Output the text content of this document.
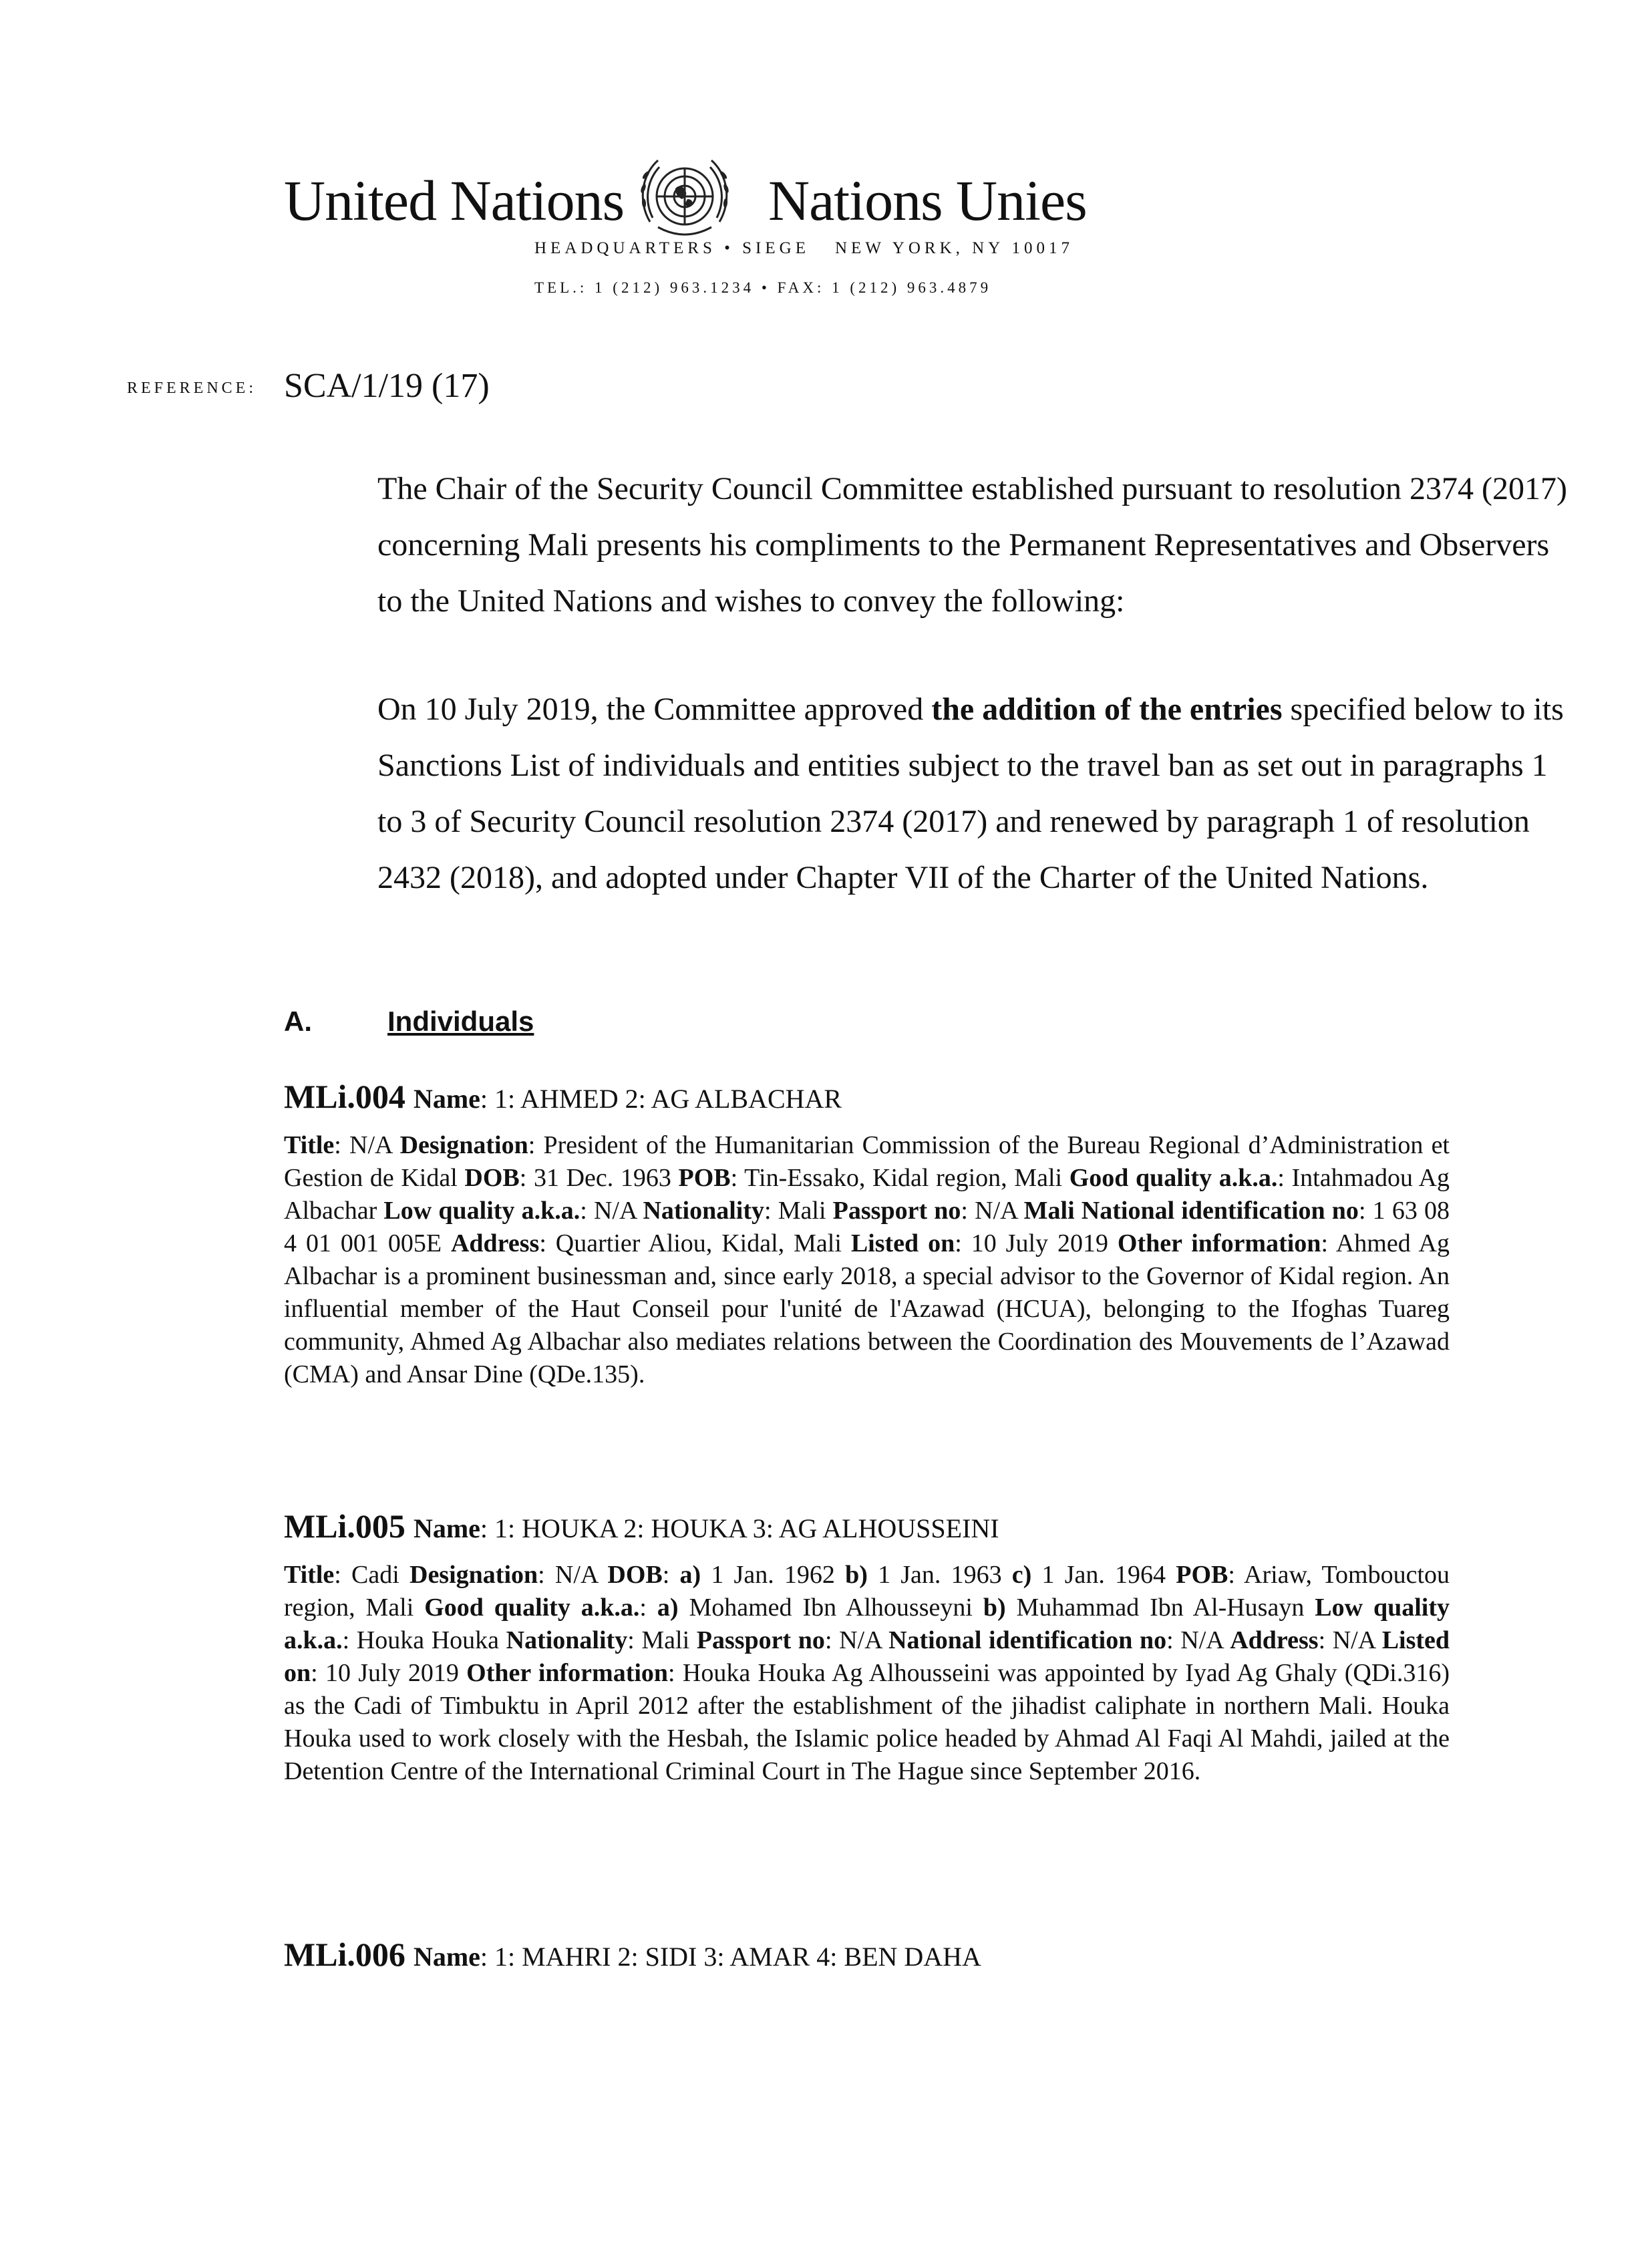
United Nations	Nations Unies
HEADQUARTERS • SIEGE NEW YORK, NY 10017
TEL.: 1 (212) 963.1234 • FAX: 1 (212) 963.4879
REFERENCE: SCA/1/19 (17)
The Chair of the Security Council Committee established pursuant to resolution 2374 (2017) concerning Mali presents his compliments to the Permanent Representatives and Observers to the United Nations and wishes to convey the following:
On 10 July 2019, the Committee approved the addition of the entries specified below to its Sanctions List of individuals and entities subject to the travel ban as set out in paragraphs 1 to 3 of Security Council resolution 2374 (2017) and renewed by paragraph 1 of resolution 2432 (2018), and adopted under Chapter VII of the Charter of the United Nations.
A.	Individuals
MLi.004 Name: 1: AHMED 2: AG ALBACHAR
Title: N/A Designation: President of the Humanitarian Commission of the Bureau Regional d’Administration et Gestion de Kidal DOB: 31 Dec. 1963 POB: Tin-Essako, Kidal region, Mali Good quality a.k.a.: Intahmadou Ag Albachar Low quality a.k.a.: N/A Nationality: Mali Passport no: N/A Mali National identification no: 1 63 08 4 01 001 005E Address: Quartier Aliou, Kidal, Mali Listed on: 10 July 2019 Other information: Ahmed Ag Albachar is a prominent businessman and, since early 2018, a special advisor to the Governor of Kidal region. An influential member of the Haut Conseil pour l'unité de l'Azawad (HCUA), belonging to the Ifoghas Tuareg community, Ahmed Ag Albachar also mediates relations between the Coordination des Mouvements de l’Azawad (CMA) and Ansar Dine (QDe.135).
MLi.005 Name: 1: HOUKA 2: HOUKA 3: AG ALHOUSSEINI
Title: Cadi Designation: N/A DOB: a) 1 Jan. 1962 b) 1 Jan. 1963 c) 1 Jan. 1964 POB: Ariaw, Tombouctou region, Mali Good quality a.k.a.: a) Mohamed Ibn Alhousseyni b) Muhammad Ibn Al-Husayn Low quality a.k.a.: Houka Houka Nationality: Mali Passport no: N/A National identification no: N/A Address: N/A Listed on: 10 July 2019 Other information: Houka Houka Ag Alhousseini was appointed by Iyad Ag Ghaly (QDi.316) as the Cadi of Timbuktu in April 2012 after the establishment of the jihadist caliphate in northern Mali. Houka Houka used to work closely with the Hesbah, the Islamic police headed by Ahmad Al Faqi Al Mahdi, jailed at the Detention Centre of the International Criminal Court in The Hague since September 2016.
MLi.006 Name: 1: MAHRI 2: SIDI 3: AMAR 4: BEN DAHA
